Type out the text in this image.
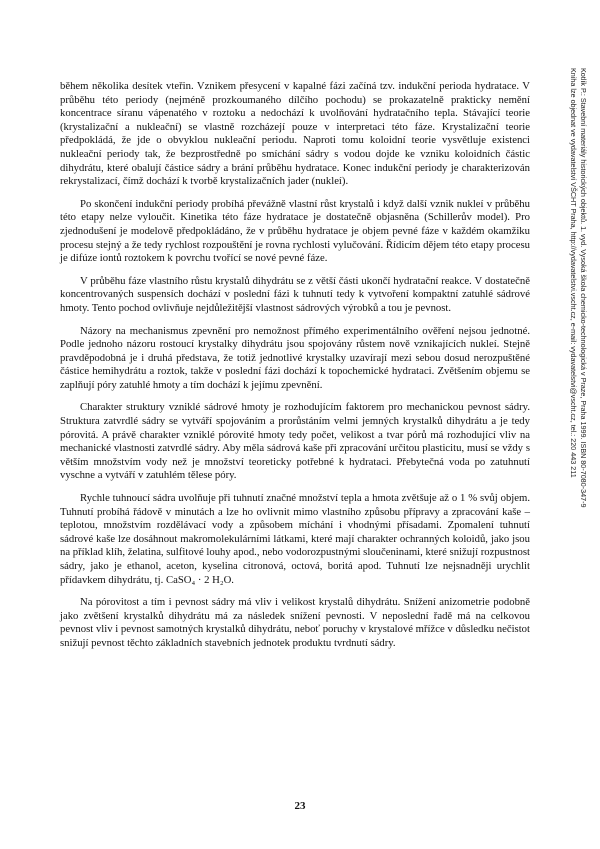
během několika desítek vteřin. Vznikem přesycení v kapalné fázi začíná tzv. indukční perioda hydratace. V průběhu této periody (nejméně prozkoumaného dílčího pochodu) se prokazatelně prakticky nemění koncentrace síranu vápenatého v roztoku a nedochází k uvolňování hydratačního tepla. Stávající teorie (krystalizační a nukleační) se vlastně rozcházejí pouze v interpretaci této fáze. Krystalizační teorie předpokládá, že jde o obvyklou nukleační periodu. Naproti tomu koloidní teorie vysvětluje existenci nukleační periody tak, že bezprostředně po smíchání sádry s vodou dojde ke vzniku koloidních částic dihydrátu, které obalují částice sádry a brání průběhu hydratace. Konec indukční periody je charakterizován rekrystalizací, čímž dochází k tvorbě krystalizačních jader (nukleí).

Po skončení indukční periody probíhá převážně vlastní růst krystalů i když další vznik nukleí v průběhu této etapy nelze vyloučit. Kinetika této fáze hydratace je dostatečně objasněna (Schillerův model). Pro zjednodušení je modelově předpokládáno, že v průběhu hydratace je objem pevné fáze v každém okamžiku procesu stejný a že tedy rychlost rozpouštění je rovna rychlosti vylučování. Řídicím dějem této etapy procesu je difúze iontů roztokem k povrchu tvořící se nové pevné fáze.

V průběhu fáze vlastního růstu krystalů dihydrátu se z větší části ukončí hydratační reakce. V dostatečně koncentrovaných suspensích dochází v poslední fázi k tuhnutí tedy k vytvoření kompaktní zatuhlé sádrové hmoty. Tento pochod ovlivňuje nejdůležitější vlastnost sádrových výrobků a tou je pevnost.

Názory na mechanismus zpevnění pro nemožnost přímého experimentálního ověření nejsou jednotné. Podle jednoho názoru rostoucí krystalky dihydrátu jsou spojovány růstem nově vznikajících nukleí. Stejně pravděpodobná je i druhá představa, že totiž jednotlivé krystalky uzavírají mezi sebou dosud nerozpuštěné částice hemihydrátu a roztok, takže v poslední fázi dochází k topochemické hydrataci. Zvětšením objemu se zaplňují póry zatuhlé hmoty a tím dochází k jejímu zpevnění.

Charakter struktury vzniklé sádrové hmoty je rozhodujícím faktorem pro mechanickou pevnost sádry. Struktura zatvrdlé sádry se vytváří spojováním a prorůstáním velmi jemných krystalků dihydrátu a je tedy pórovitá. A právě charakter vzniklé pórovité hmoty tedy počet, velikost a tvar pórů má rozhodující vliv na mechanické vlastnosti zatvrdlé sádry. Aby měla sádrová kaše při zpracování určitou plasticitu, musí se vždy s větším množstvím vody než je množství teoreticky potřebné k hydrataci. Přebytečná voda po zatuhnutí vyschne a vytváří v zatuhlém tělese póry.

Rychle tuhnoucí sádra uvolňuje při tuhnutí značné množství tepla a hmota zvětšuje až o 1 % svůj objem. Tuhnutí probíhá řádově v minutách a lze ho ovlivnit mimo vlastního způsobu přípravy a zpracování kaše – teplotou, množstvím rozdělávací vody a způsobem míchání i vhodnými přísadami. Zpomalení tuhnutí sádrové kaše lze dosáhnout makromolekulárními látkami, které mají charakter ochranných koloidů, jako jsou na příklad klíh, želatina, sulfitové louhy apod., nebo vodorozpustnými sloučeninami, které snižují rozpustnost sádry, jako je ethanol, aceton, kyselina citronová, octová, boritá apod. Tuhnutí lze nejsnadněji urychlit přídavkem dihydrátu, tj. CaSO₄ · 2 H₂O.

Na pórovitost a tím i pevnost sádry má vliv i velikost krystalů dihydrátu. Snížení anizometrie podobně jako zvětšení krystalků dihydrátu má za následek snížení pevnosti. V neposlední řadě má na celkovou pevnost vliv i pevnost samotných krystalků dihydrátu, neboť poruchy v krystalové mřížce v důsledku nečistot snižují pevnost těchto základních stavebních jednotek produktu tvrdnutí sádry.

Kotlík P.: Stavební materiály historických objektů. 1. vyd. Vysoká škola chemicko-technologická v Praze, Praha 1999. ISBN 80-7080-347-9
Kniha lze objednat ve vydavatelství VŠCHT Praha, http://vydavatelstvi.vscht.cz, e-mail: vydavatelstvi@vscht.cz, tel.: 220 443 211
23
